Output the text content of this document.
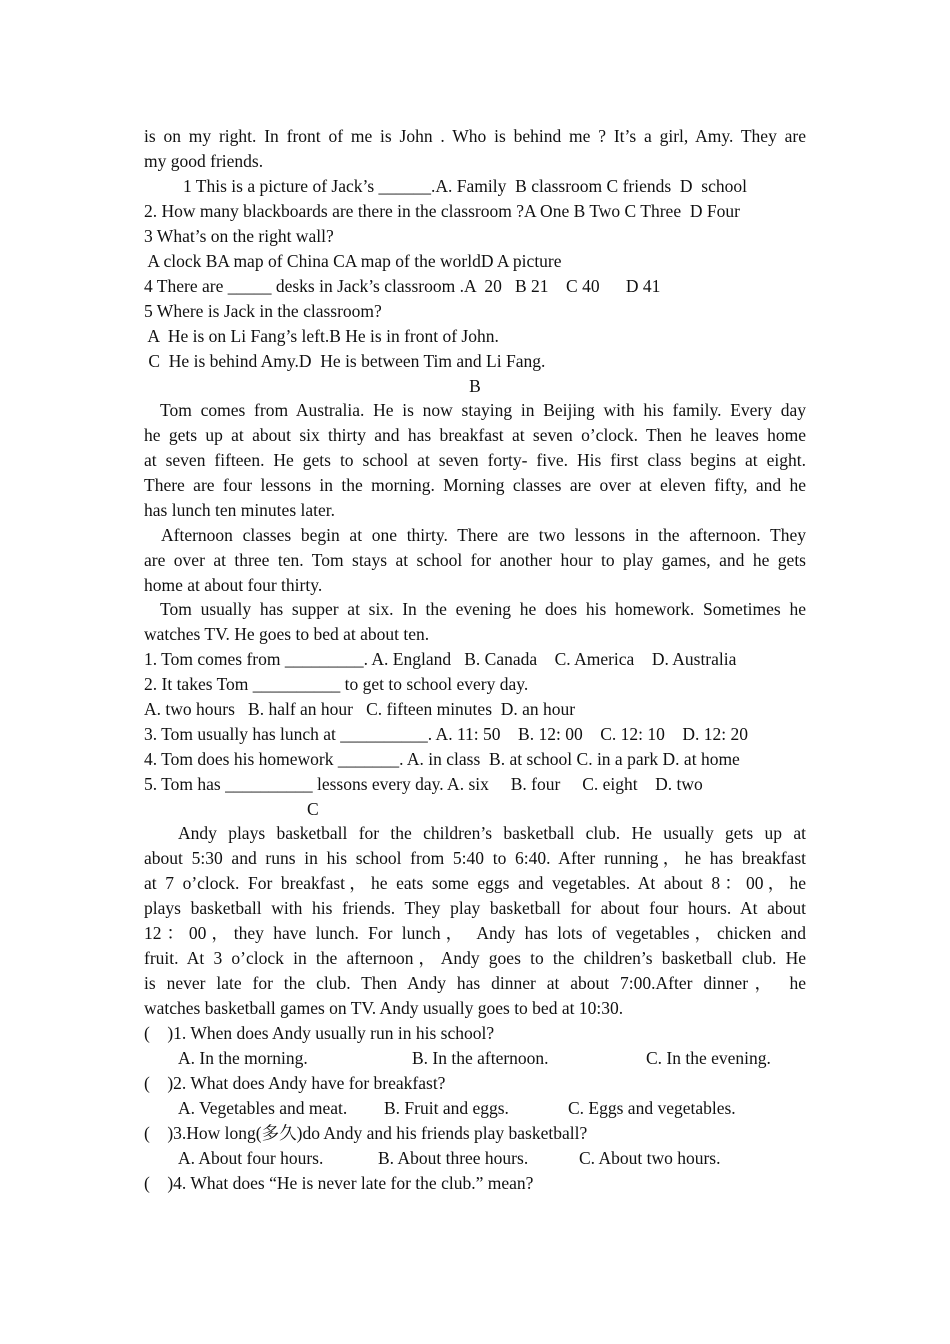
is on my right. In front of me is John . Who is behind me ? It’s a girl, Amy. They are
my good friends.
1 This is a picture of Jack’s ______.A. Family  B classroom C friends  D  school
2. How many blackboards are there in the classroom ?A One B Two C Three  D Four
3 What’s on the right wall?
A clock BA map of China CA map of the worldD A picture
4 There are _____ desks in Jack’s classroom .A  20   B 21    C 40      D 41
5 Where is Jack in the classroom?
A  He is on Li Fang’s left.B He is in front of John.
C  He is behind Amy.D  He is between Tim and Li Fang.
B
Tom comes from Australia. He is now staying in Beijing with his family. Every day
he gets up at about six thirty and has breakfast at seven o’clock. Then he leaves home
at seven fifteen. He gets to school at seven forty- five. His first class begins at eight.
There are four lessons in the morning. Morning classes are over at eleven fifty, and he
has lunch ten minutes later.
Afternoon classes begin at one thirty. There are two lessons in the afternoon. They
are over at three ten. Tom stays at school for another hour to play games, and he gets
home at about four thirty.
Tom usually has supper at six. In the evening he does his homework. Sometimes he
watches TV. He goes to bed at about ten.
1. Tom comes from _________. A. England   B. Canada    C. America    D. Australia
2. It takes Tom __________ to get to school every day.
A. two hours   B. half an hour   C. fifteen minutes  D. an hour
3. Tom usually has lunch at __________. A. 11: 50    B. 12: 00    C. 12: 10    D. 12: 20
4. Tom does his homework _______. A. in class  B. at school C. in a park D. at home
5. Tom has __________ lessons every day. A. six     B. four     C. eight    D. two
C
Andy plays basketball for the children’s basketball club. He usually gets up at
about 5:30 and runs in his school from 5:40 to 6:40. After running，he has breakfast
at 7 o’clock. For breakfast，he eats some eggs and vegetables. At about 8：00，he
plays basketball with his friends. They play basketball for about four hours. At about
12：00，they have lunch. For lunch， Andy has lots of vegetables，chicken and
fruit. At 3 o’clock in the afternoon，Andy goes to the children’s basketball club. He
is never late for the club. Then Andy has dinner at about 7:00.After dinner， he
watches basketball games on TV. Andy usually goes to bed at 10:30.
(    )1. When does Andy usually run in his school?
A. In the morning.	B. In the afternoon.	C. In the evening.
(    )2. What does Andy have for breakfast?
A. Vegetables and meat.	B. Fruit and eggs.	C. Eggs and vegetables.
(    )3.How long(多久)do Andy and his friends play basketball?
A. About four hours.	B. About three hours.	C. About two hours.
(    )4. What does “He is never late for the club.” mean?
